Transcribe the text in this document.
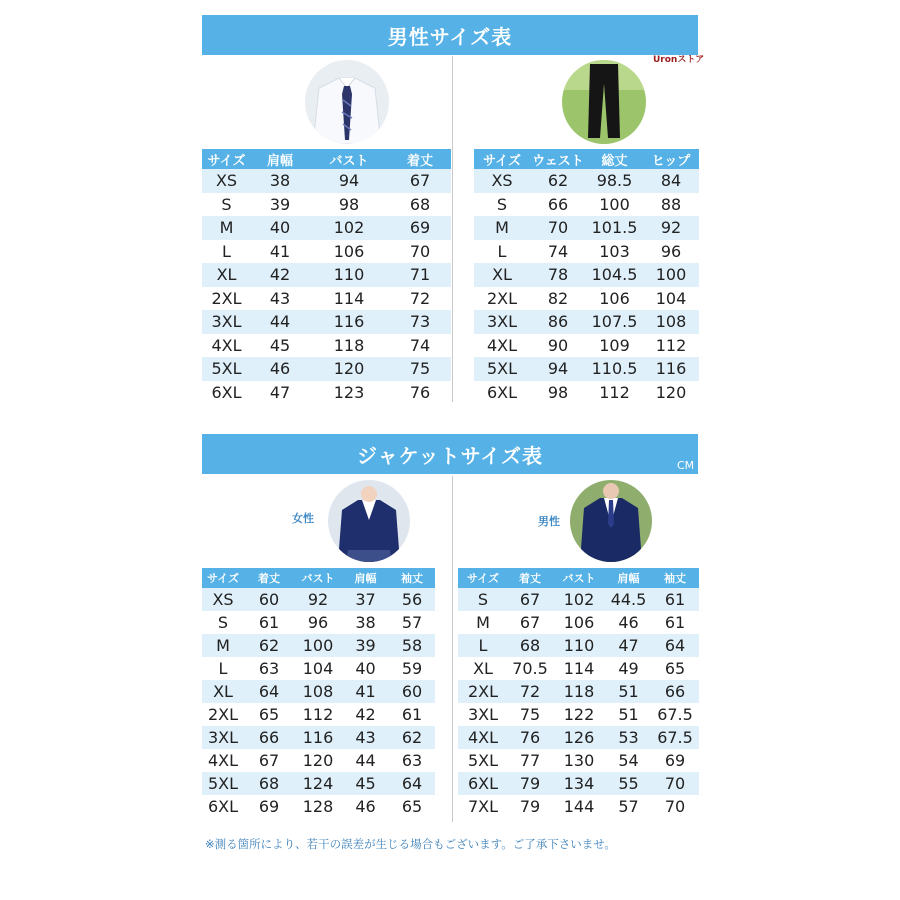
Uronストア
男性サイズ表
サイズ	肩幅	バスト	着丈
XS	38	94	67
S	39	98	68
M	40	102	69
L	41	106	70
XL	42	110	71
2XL	43	114	72
3XL	44	116	73
4XL	45	118	74
5XL	46	120	75
6XL	47	123	76
サイズ	ウェスト	総丈	ヒップ
XS	62	98.5	84
S	66	100	88
M	70	101.5	92
L	74	103	96
XL	78	104.5	100
2XL	82	106	104
3XL	86	107.5	108
4XL	90	109	112
5XL	94	110.5	116
6XL	98	112	120
ジャケットサイズ表	CM
女性	男性
サイズ	着丈	バスト	肩幅	袖丈
XS	60	92	37	56
S	61	96	38	57
M	62	100	39	58
L	63	104	40	59
XL	64	108	41	60
2XL	65	112	42	61
3XL	66	116	43	62
4XL	67	120	44	63
5XL	68	124	45	64
6XL	69	128	46	65
サイズ	着丈	バスト	肩幅	袖丈
S	67	102	44.5	61
M	67	106	46	61
L	68	110	47	64
XL	70.5	114	49	65
2XL	72	118	51	66
3XL	75	122	51	67.5
4XL	76	126	53	67.5
5XL	77	130	54	69
6XL	79	134	55	70
7XL	79	144	57	70
※測る箇所により、若干の誤差が生じる場合もございます。ご了承下さいませ。
